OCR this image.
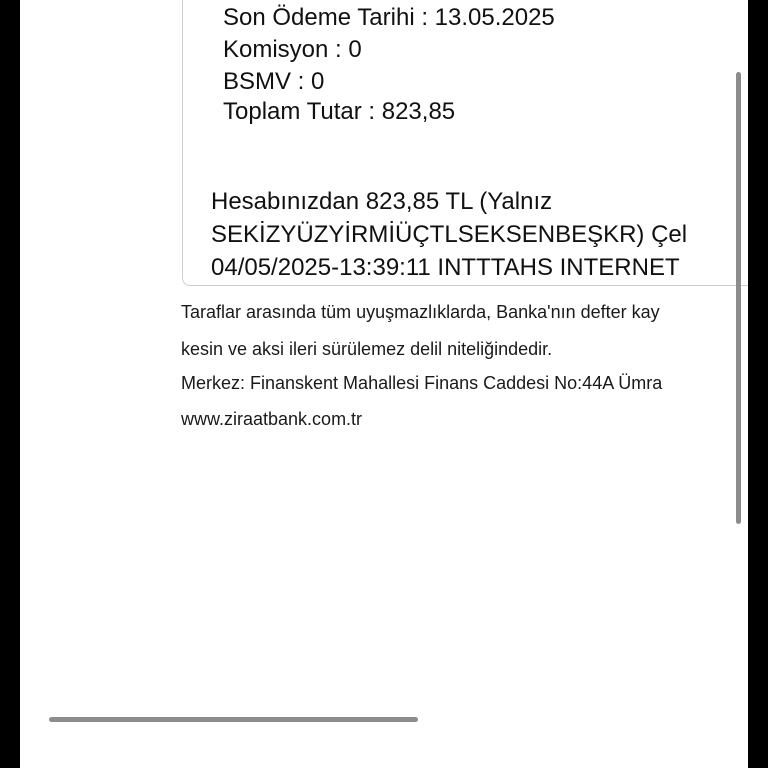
Son Ödeme Tarihi : 13.05.2025
Komisyon : 0
BSMV : 0
Toplam Tutar : 823,85
Hesabınızdan 823,85 TL (Yalnız
SEKİZYÜZYİRMİÜÇTLSEKSENBEŞKR) Çel
04/05/2025-13:39:11 INTTTAHS INTERNET
Taraflar arasında tüm uyuşmazlıklarda, Banka'nın defter kay
kesin ve aksi ileri sürülemez delil niteliğindedir.
Merkez: Finanskent Mahallesi Finans Caddesi No:44A Ümra
www.ziraatbank.com.tr
